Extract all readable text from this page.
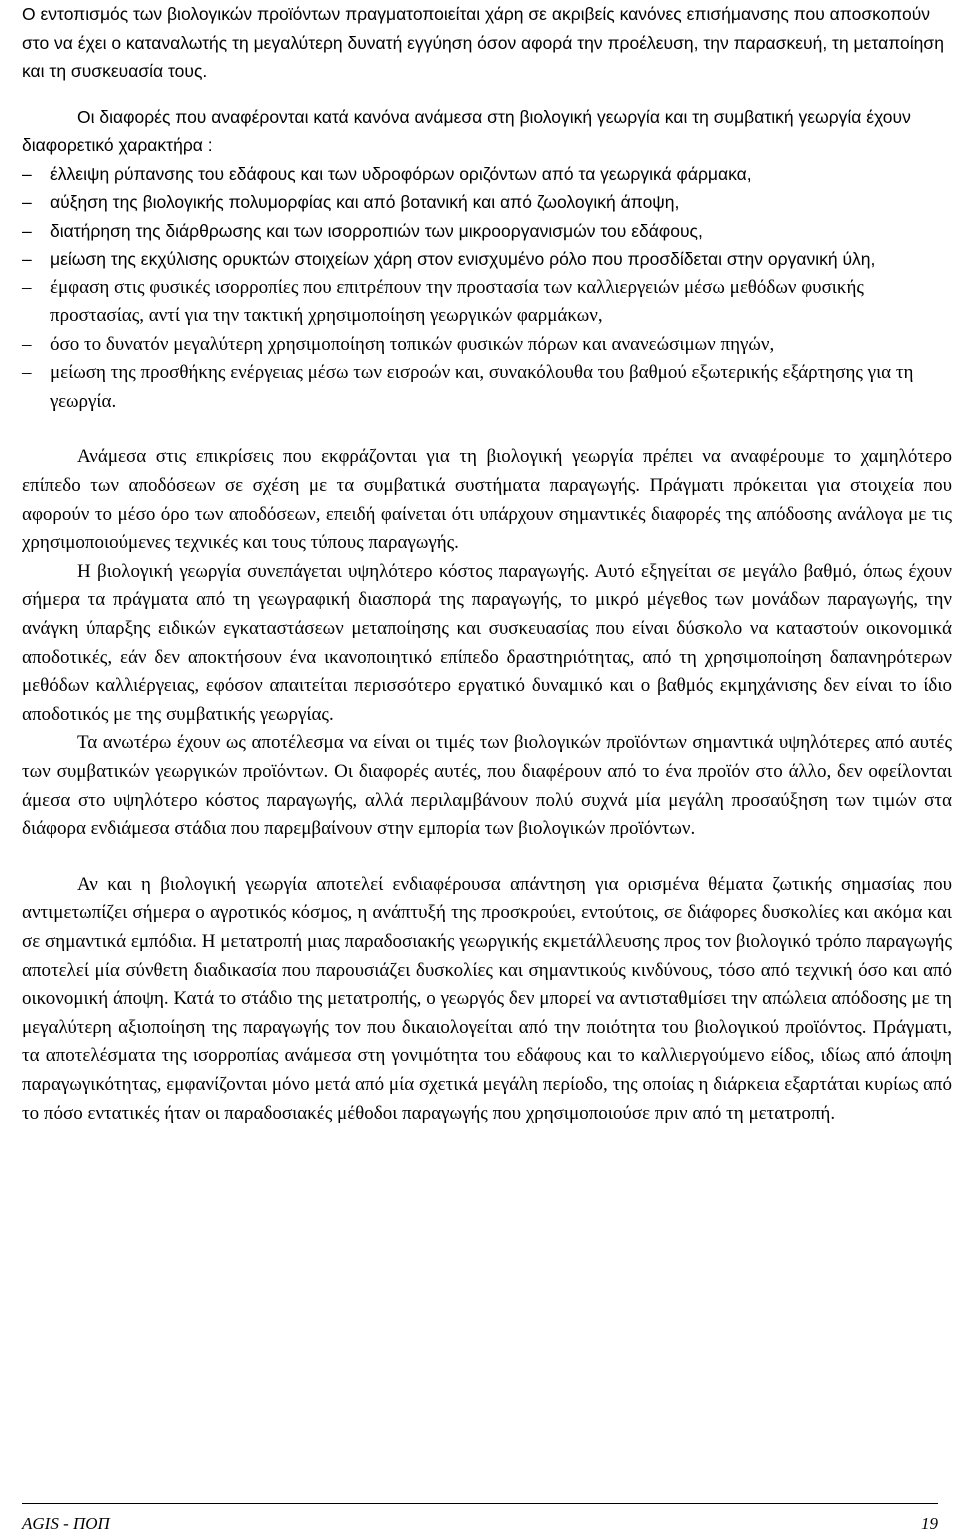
Ο εντοπισμός των βιολογικών προϊόντων πραγματοποιείται χάρη σε ακριβείς κανόνες επισήμανσης που αποσκοπούν στο να έχει ο καταναλωτής τη μεγαλύτερη δυνατή εγγύηση όσον αφορά την προέλευση, την παρασκευή, τη μεταποίηση και τη συσκευασία τους.

Οι διαφορές που αναφέρονται κατά κανόνα ανάμεσα στη βιολογική γεωργία και τη συμβατική γεωργία έχουν διαφορετικό χαρακτήρα :

– έλλειψη ρύπανσης του εδάφους και των υδροφόρων οριζόντων από τα γεωργικά φάρμακα,
– αύξηση της βιολογικής πολυμορφίας και από βοτανική και από ζωολογική άποψη,
– διατήρηση της διάρθρωσης και των ισορροπιών των μικροοργανισμών του εδάφους,
– μείωση της εκχύλισης ορυκτών στοιχείων χάρη στον ενισχυμένο ρόλο που προσδίδεται στην οργανική ύλη,
– έμφαση στις φυσικές ισορροπίες που επιτρέπουν την προστασία των καλλιεργειών μέσω μεθόδων φυσικής προστασίας, αντί για την τακτική χρησιμοποίηση γεωργικών φαρμάκων,
– όσο το δυνατόν μεγαλύτερη χρησιμοποίηση τοπικών φυσικών πόρων και ανανεώσιμων πηγών,
– μείωση της προσθήκης ενέργειας μέσω των εισροών και, συνακόλουθα του βαθμού εξωτερικής εξάρτησης για τη γεωργία.

Ανάμεσα στις επικρίσεις που εκφράζονται για τη βιολογική γεωργία πρέπει να αναφέρουμε το χαμηλότερο επίπεδο των αποδόσεων σε σχέση με τα συμβατικά συστήματα παραγωγής. Πράγματι πρόκειται για στοιχεία που αφορούν το μέσο όρο των αποδόσεων, επειδή φαίνεται ότι υπάρχουν σημαντικές διαφορές της απόδοσης ανάλογα με τις χρησιμοποιούμενες τεχνικές και τους τύπους παραγωγής.

Η βιολογική γεωργία συνεπάγεται υψηλότερο κόστος παραγωγής. Αυτό εξηγείται σε μεγάλο βαθμό, όπως έχουν σήμερα τα πράγματα από τη γεωγραφική διασπορά της παραγωγής, το μικρό μέγεθος των μονάδων παραγωγής, την ανάγκη ύπαρξης ειδικών εγκαταστάσεων μεταποίησης και συσκευασίας που είναι δύσκολο να καταστούν οικονομικά αποδοτικές, εάν δεν αποκτήσουν ένα ικανοποιητικό επίπεδο δραστηριότητας, από τη χρησιμοποίηση δαπανηρότερων μεθόδων καλλιέργειας, εφόσον απαιτείται περισσότερο εργατικό δυναμικό και ο βαθμός εκμηχάνισης δεν είναι το ίδιο αποδοτικός με της συμβατικής γεωργίας.

Τα ανωτέρω έχουν ως αποτέλεσμα να είναι οι τιμές των βιολογικών προϊόντων σημαντικά υψηλότερες από αυτές των συμβατικών γεωργικών προϊόντων. Οι διαφορές αυτές, που διαφέρουν από το ένα προϊόν στο άλλο, δεν οφείλονται άμεσα στο υψηλότερο κόστος παραγωγής, αλλά περιλαμβάνουν πολύ συχνά μία μεγάλη προσαύξηση των τιμών στα διάφορα ενδιάμεσα στάδια που παρεμβαίνουν στην εμπορία των βιολογικών προϊόντων.

Αν και η βιολογική γεωργία αποτελεί ενδιαφέρουσα απάντηση για ορισμένα θέματα ζωτικής σημασίας που αντιμετωπίζει σήμερα ο αγροτικός κόσμος, η ανάπτυξή της προσκρούει, εντούτοις, σε διάφορες δυσκολίες και ακόμα και σε σημαντικά εμπόδια. Η μετατροπή μιας παραδοσιακής γεωργικής εκμετάλλευσης προς τον βιολογικό τρόπο παραγωγής αποτελεί μία σύνθετη διαδικασία που παρουσιάζει δυσκολίες και σημαντικούς κινδύνους, τόσο από τεχνική όσο και από οικονομική άποψη. Κατά το στάδιο της μετατροπής, ο γεωργός δεν μπορεί να αντισταθμίσει την απώλεια απόδοσης με τη μεγαλύτερη αξιοποίηση της παραγωγής τον που δικαιολογείται από την ποιότητα του βιολογικού προϊόντος. Πράγματι, τα αποτελέσματα της ισορροπίας ανάμεσα στη γονιμότητα του εδάφους και το καλλιεργούμενο είδος, ιδίως από άποψη παραγωγικότητας, εμφανίζονται μόνο μετά από μία σχετικά μεγάλη περίοδο, της οποίας η διάρκεια εξαρτάται κυρίως από το πόσο εντατικές ήταν οι παραδοσιακές μέθοδοι παραγωγής που χρησιμοποιούσε πριν από τη μετατροπή.

AGIS - ΠΟΠ	19
